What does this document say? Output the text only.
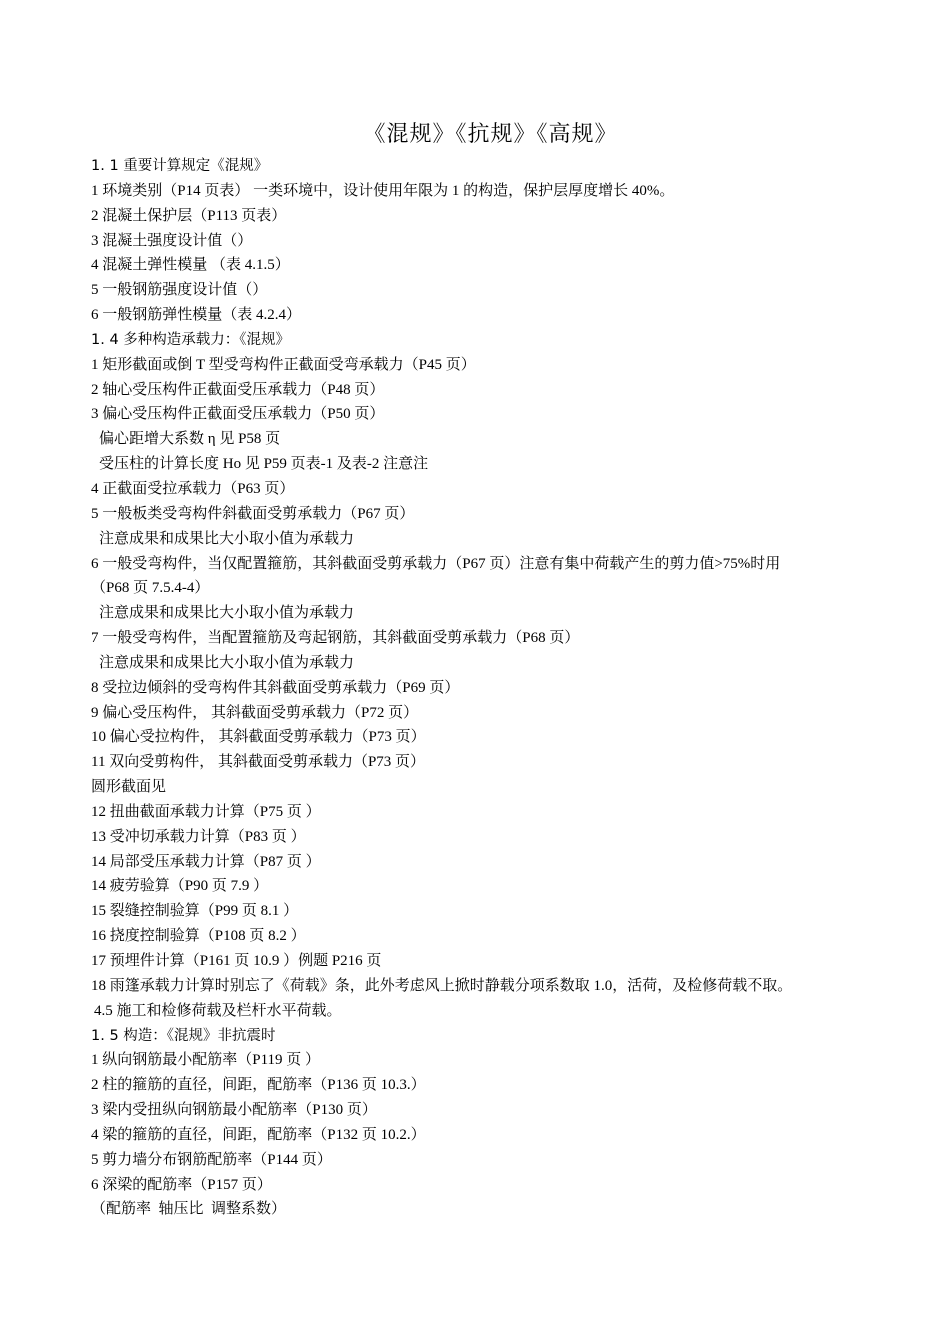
《混规》《抗规》《高规》
1. 1 重要计算规定《混规》
1 环境类别（P14 页表） 一类环境中，设计使用年限为 1 的构造，保护层厚度增长 40%。
2 混凝土保护层（P113 页表）
3 混凝土强度设计值（）
4 混凝土弹性模量 （表 4.1.5）
5 一般钢筋强度设计值（）
6 一般钢筋弹性模量（表 4.2.4）
1. 4 多种构造承载力：《混规》
1 矩形截面或倒 T 型受弯构件正截面受弯承载力（P45 页）
2 轴心受压构件正截面受压承载力（P48 页）
3 偏心受压构件正截面受压承载力（P50 页）
偏心距增大系数 η 见 P58 页
受压柱的计算长度 Ho 见 P59 页表-1 及表-2 注意注
4 正截面受拉承载力（P63 页）
5 一般板类受弯构件斜截面受剪承载力（P67 页）
注意成果和成果比大小取小值为承载力
6 一般受弯构件，当仅配置箍筋，其斜截面受剪承载力（P67 页）注意有集中荷载产生的剪力值>75%时用
（P68 页 7.5.4-4）
注意成果和成果比大小取小值为承载力
7 一般受弯构件，当配置箍筋及弯起钢筋，其斜截面受剪承载力（P68 页）
注意成果和成果比大小取小值为承载力
8 受拉边倾斜的受弯构件其斜截面受剪承载力（P69 页）
9 偏心受压构件， 其斜截面受剪承载力（P72 页）
10 偏心受拉构件， 其斜截面受剪承载力（P73 页）
11 双向受剪构件， 其斜截面受剪承载力（P73 页）
圆形截面见
12 扭曲截面承载力计算（P75 页 ）
13 受冲切承载力计算（P83 页 ）
14 局部受压承载力计算（P87 页 ）
14 疲劳验算（P90 页 7.9 ）
15 裂缝控制验算（P99 页 8.1 ）
16 挠度控制验算（P108 页 8.2 ）
17 预埋件计算（P161 页 10.9 ）例题 P216 页
18 雨篷承载力计算时别忘了《荷载》条，此外考虑风上掀时静载分项系数取 1.0，活荷，及检修荷载不取。
4.5 施工和检修荷载及栏杆水平荷载。
1. 5 构造：《混规》非抗震时
1 纵向钢筋最小配筋率（P119 页 ）
2 柱的箍筋的直径，间距，配筋率（P136 页 10.3.）
3 梁内受扭纵向钢筋最小配筋率（P130 页）
4 梁的箍筋的直径，间距，配筋率（P132 页 10.2.）
5 剪力墙分布钢筋配筋率（P144 页）
6 深梁的配筋率（P157 页）
（配筋率  轴压比  调整系数）
